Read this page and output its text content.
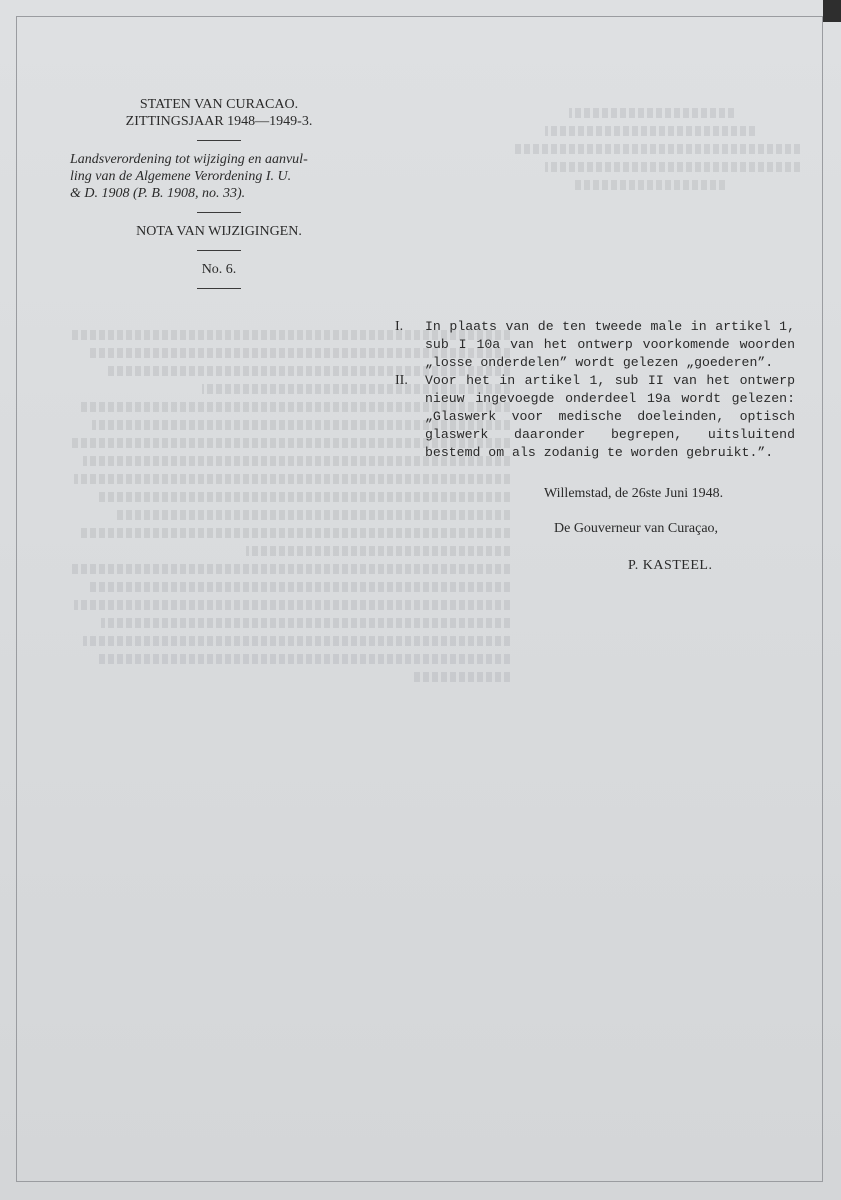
STATEN VAN CURACAO.
ZITTINGSJAAR 1948—1949-3.
Landsverordening tot wijziging en aanvul-
ling van de Algemene Verordening I. U.
& D. 1908 (P. B. 1908, no. 33).
NOTA VAN WIJZIGINGEN.
No. 6.
I.	In plaats van de ten tweede male in artikel 1, sub I 10a van het ontwerp voorkomende woorden „losse onderdelen” wordt gelezen „goederen”.
II.	Voor het in artikel 1, sub II van het ontwerp nieuw ingevoegde onderdeel 19a wordt gelezen: „Glaswerk voor medische doeleinden, optisch glaswerk daaronder begrepen, uitsluitend bestemd om als zodanig te worden gebruikt.”.
Willemstad, de 26ste Juni 1948.
De Gouverneur van Curaçao,
P. KASTEEL.
